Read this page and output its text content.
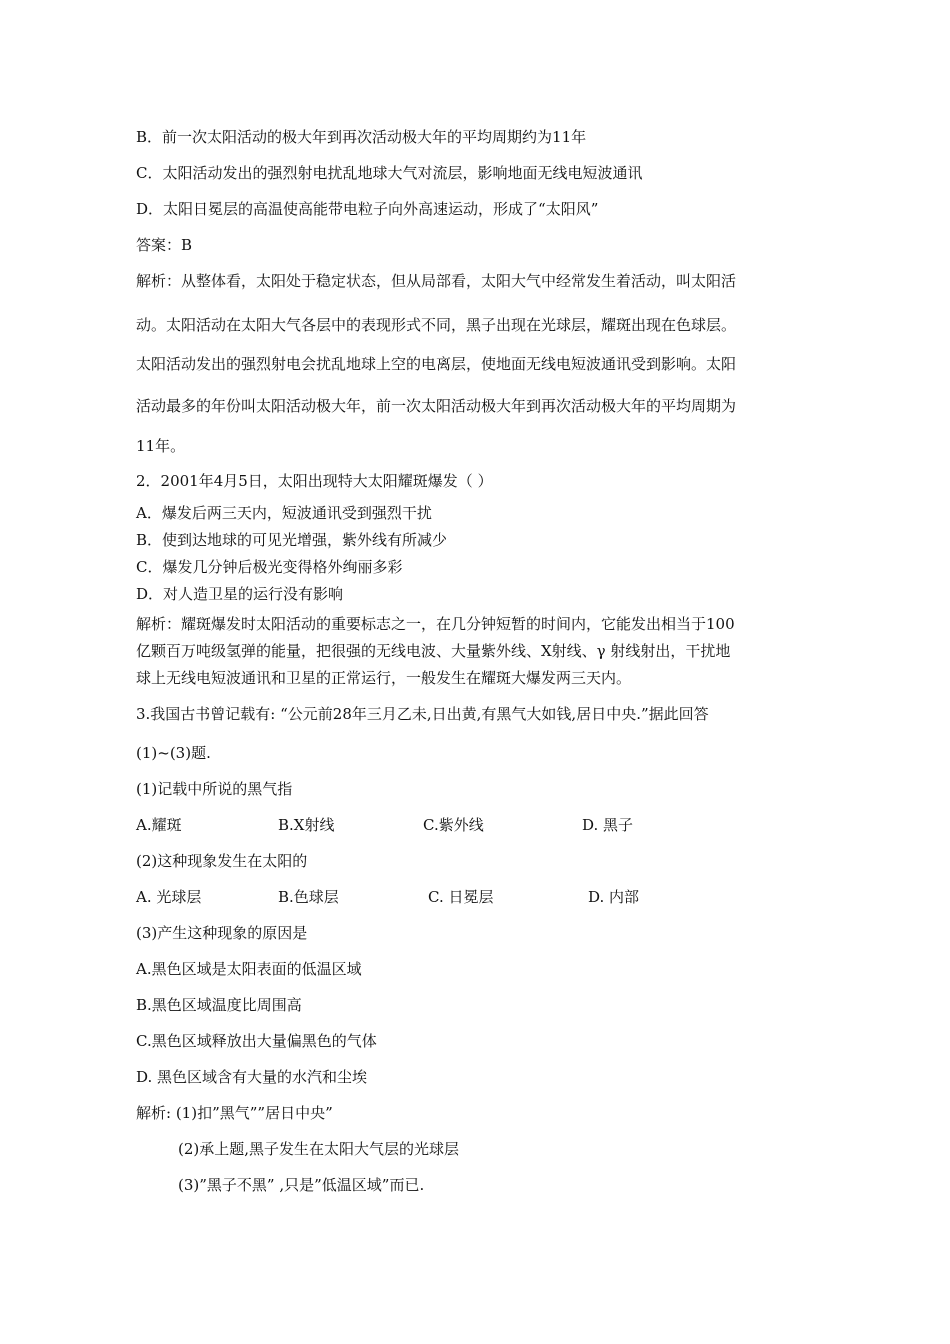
B．前一次太阳活动的极大年到再次活动极大年的平均周期约为11年
C．太阳活动发出的强烈射电扰乱地球大气对流层，影响地面无线电短波通讯
D．太阳日冕层的高温使高能带电粒子向外高速运动，形成了“太阳风”
答案：B
解析：从整体看，太阳处于稳定状态，但从局部看，太阳大气中经常发生着活动，叫太阳活
动。太阳活动在太阳大气各层中的表现形式不同，黑子出现在光球层，耀斑出现在色球层。
太阳活动发出的强烈射电会扰乱地球上空的电离层，使地面无线电短波通讯受到影响。太阳
活动最多的年份叫太阳活动极大年，前一次太阳活动极大年到再次活动极大年的平均周期为
11年。
2．2001年4月5日，太阳出现特大太阳耀斑爆发（ ）
A．爆发后两三天内，短波通讯受到强烈干扰
B．使到达地球的可见光增强，紫外线有所减少
C．爆发几分钟后极光变得格外绚丽多彩
D．对人造卫星的运行没有影响
解析：耀斑爆发时太阳活动的重要标志之一，在几分钟短暂的时间内，它能发出相当于100
亿颗百万吨级氢弹的能量，把很强的无线电波、大量紫外线、X射线、γ 射线射出，干扰地
球上无线电短波通讯和卫星的正常运行，一般发生在耀斑大爆发两三天内。
3.我国古书曾记载有: “公元前28年三月乙未,日出黄,有黑气大如钱,居日中央.”据此回答
(1)~(3)题.
(1)记载中所说的黑气指
A.耀斑	B.X射线	C.紫外线	D. 黑子
(2)这种现象发生在太阳的
A. 光球层	B.色球层	C. 日冕层	D. 内部
(3)产生这种现象的原因是
A.黑色区域是太阳表面的低温区域
B.黑色区域温度比周围高
C.黑色区域释放出大量偏黑色的气体
D. 黑色区域含有大量的水汽和尘埃
解析: (1)扣”黑气””居日中央”
(2)承上题,黑子发生在太阳大气层的光球层
(3)”黑子不黑” ,只是”低温区域”而已.
